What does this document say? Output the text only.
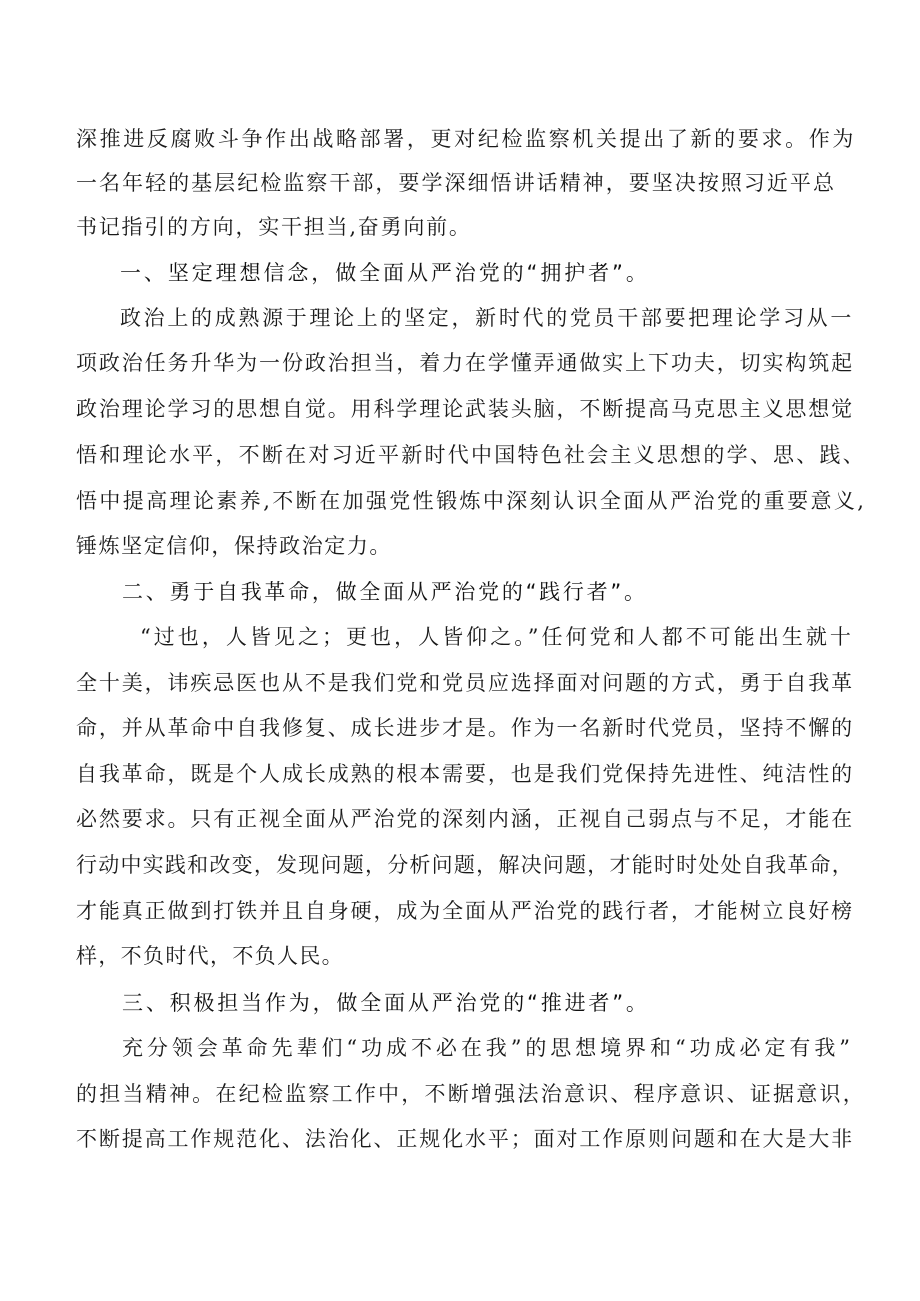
深推进反腐败斗争作出战略部署，更对纪检监察机关提出了新的要求。作为
一名年轻的基层纪检监察干部，要学深细悟讲话精神，要坚决按照习近平总
书记指引的方向，实干担当,奋勇向前。
一、坚定理想信念，做全面从严治党的“拥护者”。
政治上的成熟源于理论上的坚定，新时代的党员干部要把理论学习从一
项政治任务升华为一份政治担当，着力在学懂弄通做实上下功夫，切实构筑起
政治理论学习的思想自觉。用科学理论武装头脑，不断提高马克思主义思想觉
悟和理论水平，不断在对习近平新时代中国特色社会主义思想的学、思、践、
悟中提高理论素养,不断在加强党性锻炼中深刻认识全面从严治党的重要意义,
锤炼坚定信仰，保持政治定力。
二、勇于自我革命，做全面从严治党的“践行者”。
“过也，人皆见之；更也，人皆仰之。”任何党和人都不可能出生就十
全十美，讳疾忌医也从不是我们党和党员应选择面对问题的方式，勇于自我革
命，并从革命中自我修复、成长进步才是。作为一名新时代党员，坚持不懈的
自我革命，既是个人成长成熟的根本需要，也是我们党保持先进性、纯洁性的
必然要求。只有正视全面从严治党的深刻内涵，正视自己弱点与不足，才能在
行动中实践和改变，发现问题，分析问题，解决问题，才能时时处处自我革命，
才能真正做到打铁并且自身硬，成为全面从严治党的践行者，才能树立良好榜
样，不负时代，不负人民。
三、积极担当作为，做全面从严治党的“推进者”。
充分领会革命先辈们“功成不必在我”的思想境界和“功成必定有我”
的担当精神。在纪检监察工作中，不断增强法治意识、程序意识、证据意识，
不断提高工作规范化、法治化、正规化水平；面对工作原则问题和在大是大非
